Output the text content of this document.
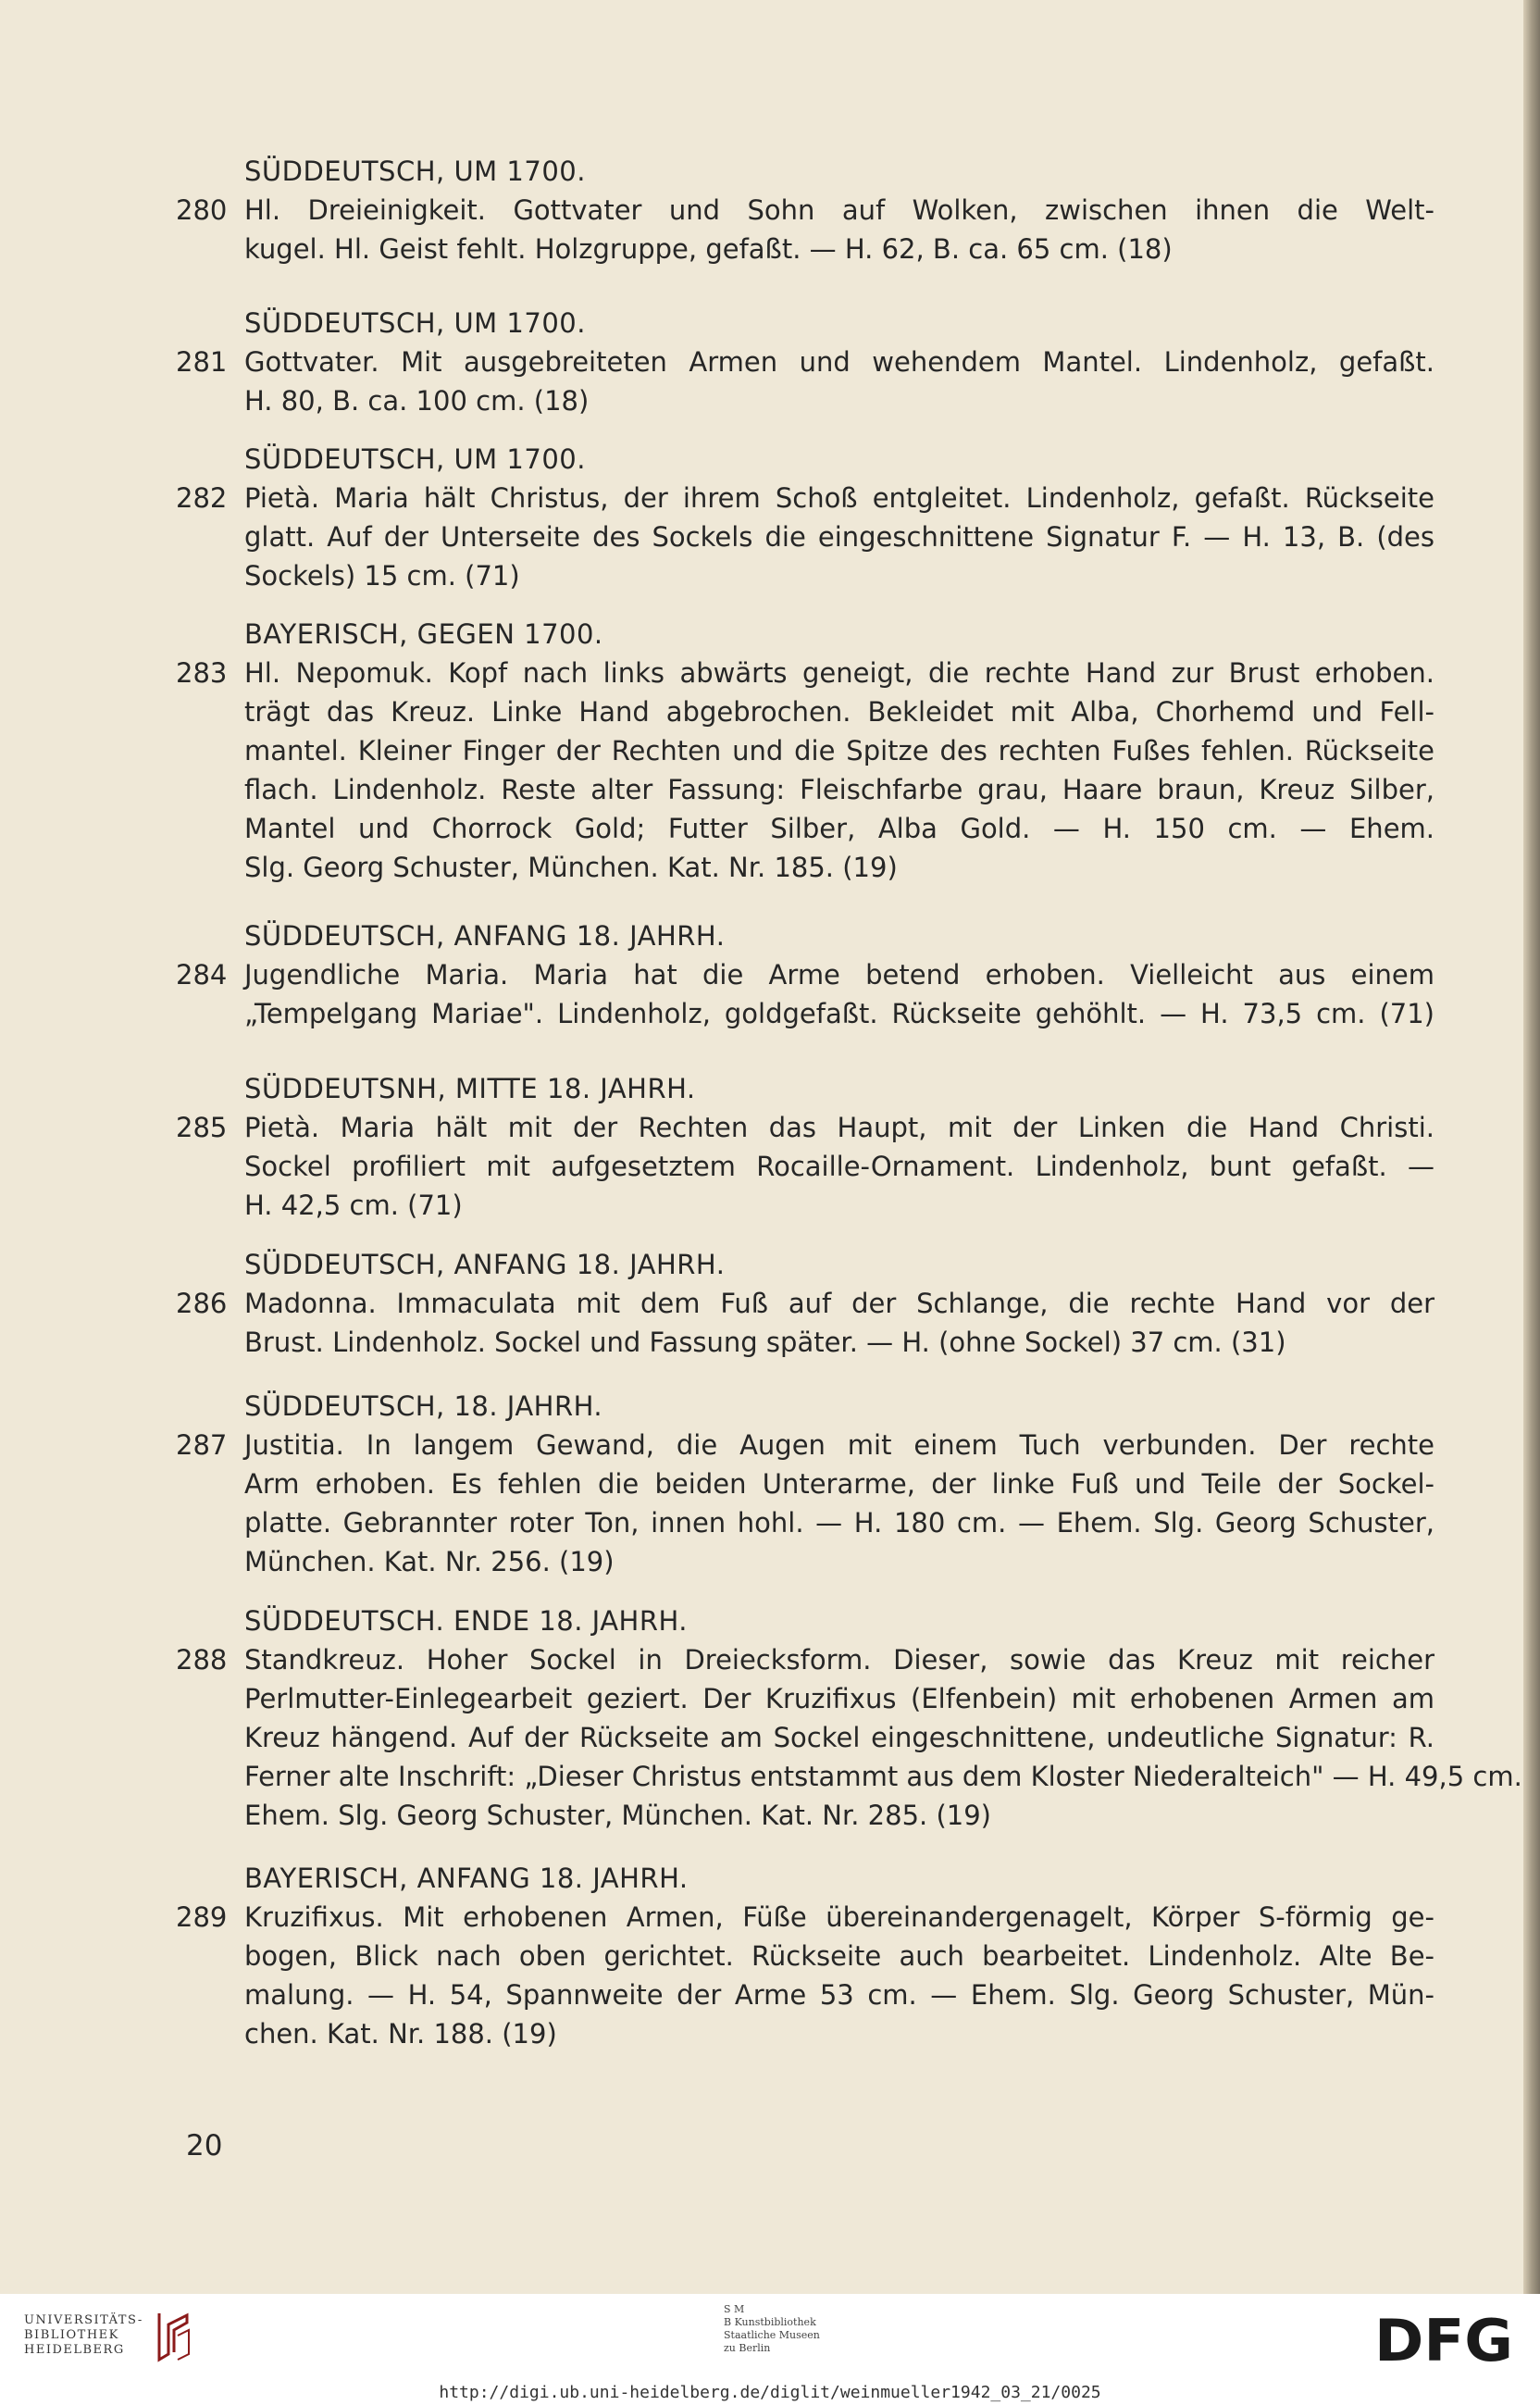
SÜDDEUTSCH, UM 1700.
280 Hl. Dreieinigkeit. Gottvater und Sohn auf Wolken, zwischen ihnen die Welt-
kugel. Hl. Geist fehlt. Holzgruppe, gefaßt. — H. 62, B. ca. 65 cm. (18)
SÜDDEUTSCH, UM 1700.
281 Gottvater. Mit ausgebreiteten Armen und wehendem Mantel. Lindenholz, gefaßt.
H. 80, B. ca. 100 cm. (18)
SÜDDEUTSCH, UM 1700.
282 Pietà. Maria hält Christus, der ihrem Schoß entgleitet. Lindenholz, gefaßt. Rückseite
glatt. Auf der Unterseite des Sockels die eingeschnittene Signatur F. — H. 13, B. (des
Sockels) 15 cm. (71)
BAYERISCH, GEGEN 1700.
283 Hl. Nepomuk. Kopf nach links abwärts geneigt, die rechte Hand zur Brust erhoben.
trägt das Kreuz. Linke Hand abgebrochen. Bekleidet mit Alba, Chorhemd und Fell-
mantel. Kleiner Finger der Rechten und die Spitze des rechten Fußes fehlen. Rückseite
flach. Lindenholz. Reste alter Fassung: Fleischfarbe grau, Haare braun, Kreuz Silber,
Mantel und Chorrock Gold; Futter Silber, Alba Gold. — H. 150 cm. — Ehem.
Slg. Georg Schuster, München. Kat. Nr. 185. (19)
SÜDDEUTSCH, ANFANG 18. JAHRH.
284 Jugendliche Maria. Maria hat die Arme betend erhoben. Vielleicht aus einem
„Tempelgang Mariae". Lindenholz, goldgefaßt. Rückseite gehöhlt. — H. 73,5 cm. (71)
SÜDDEUTSNH, MITTE 18. JAHRH.
285 Pietà. Maria hält mit der Rechten das Haupt, mit der Linken die Hand Christi.
Sockel profiliert mit aufgesetztem Rocaille-Ornament. Lindenholz, bunt gefaßt. —
H. 42,5 cm. (71)
SÜDDEUTSCH, ANFANG 18. JAHRH.
286 Madonna. Immaculata mit dem Fuß auf der Schlange, die rechte Hand vor der
Brust. Lindenholz. Sockel und Fassung später. — H. (ohne Sockel) 37 cm. (31)
SÜDDEUTSCH, 18. JAHRH.
287 Justitia. In langem Gewand, die Augen mit einem Tuch verbunden. Der rechte
Arm erhoben. Es fehlen die beiden Unterarme, der linke Fuß und Teile der Sockel-
platte. Gebrannter roter Ton, innen hohl. — H. 180 cm. — Ehem. Slg. Georg Schuster,
München. Kat. Nr. 256. (19)
SÜDDEUTSCH. ENDE 18. JAHRH.
288 Standkreuz. Hoher Sockel in Dreiecksform. Dieser, sowie das Kreuz mit reicher
Perlmutter-Einlegearbeit geziert. Der Kruzifixus (Elfenbein) mit erhobenen Armen am
Kreuz hängend. Auf der Rückseite am Sockel eingeschnittene, undeutliche Signatur: R.
Ferner alte Inschrift: „Dieser Christus entstammt aus dem Kloster Niederalteich" — H. 49,5 cm.
Ehem. Slg. Georg Schuster, München. Kat. Nr. 285. (19)
BAYERISCH, ANFANG 18. JAHRH.
289 Kruzifixus. Mit erhobenen Armen, Füße übereinandergenagelt, Körper S-förmig ge-
bogen, Blick nach oben gerichtet. Rückseite auch bearbeitet. Lindenholz. Alte Be-
malung. — H. 54, Spannweite der Arme 53 cm. — Ehem. Slg. Georg Schuster, Mün-
chen. Kat. Nr. 188. (19)
20
UNIVERSITÄTS-
BIBLIOTHEK
HEIDELBERG
S M
B Kunstbibliothek
Staatliche Museen
zu Berlin	DFG
http://digi.ub.uni-heidelberg.de/diglit/weinmueller1942_03_21/0025
